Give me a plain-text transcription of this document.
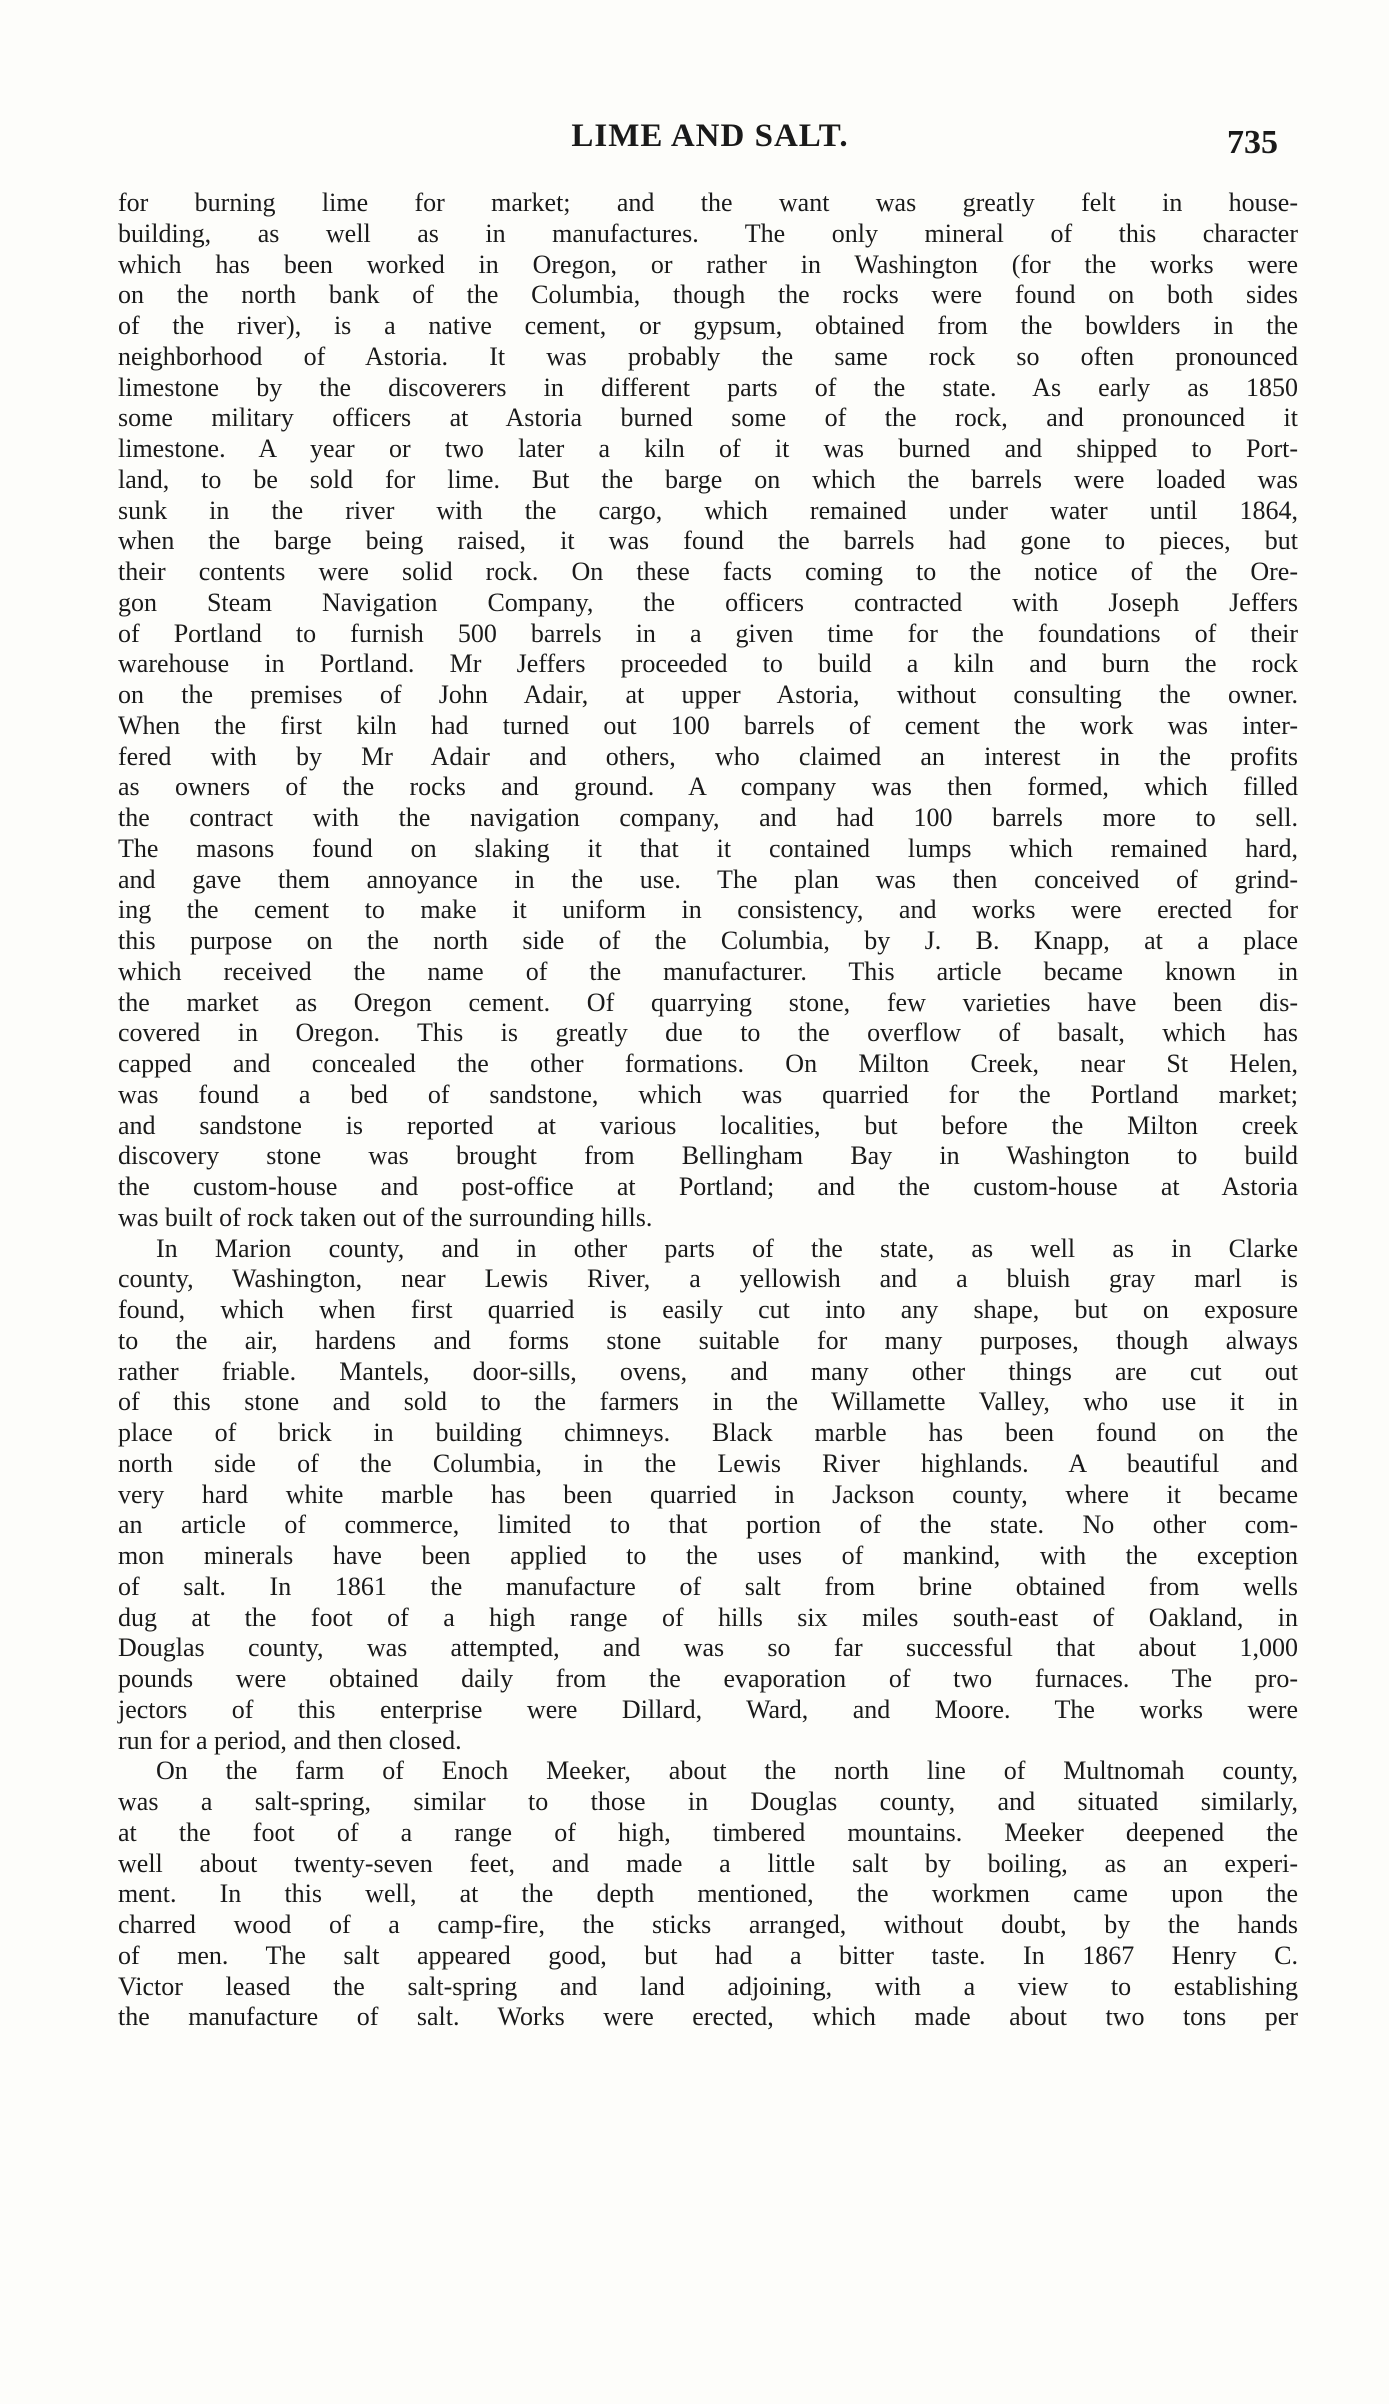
LIME AND SALT.	735
for burning lime for market; and the want was greatly felt in house-
building, as well as in manufactures. The only mineral of this character
which has been worked in Oregon, or rather in Washington (for the works were
on the north bank of the Columbia, though the rocks were found on both sides
of the river), is a native cement, or gypsum, obtained from the bowlders in the
neighborhood of Astoria. It was probably the same rock so often pronounced
limestone by the discoverers in different parts of the state. As early as 1850
some military officers at Astoria burned some of the rock, and pronounced it
limestone. A year or two later a kiln of it was burned and shipped to Port-
land, to be sold for lime. But the barge on which the barrels were loaded was
sunk in the river with the cargo, which remained under water until 1864,
when the barge being raised, it was found the barrels had gone to pieces, but
their contents were solid rock. On these facts coming to the notice of the Ore-
gon Steam Navigation Company, the officers contracted with Joseph Jeffers
of Portland to furnish 500 barrels in a given time for the foundations of their
warehouse in Portland. Mr Jeffers proceeded to build a kiln and burn the rock
on the premises of John Adair, at upper Astoria, without consulting the owner.
When the first kiln had turned out 100 barrels of cement the work was inter-
fered with by Mr Adair and others, who claimed an interest in the profits
as owners of the rocks and ground. A company was then formed, which filled
the contract with the navigation company, and had 100 barrels more to sell.
The masons found on slaking it that it contained lumps which remained hard,
and gave them annoyance in the use. The plan was then conceived of grind-
ing the cement to make it uniform in consistency, and works were erected for
this purpose on the north side of the Columbia, by J. B. Knapp, at a place
which received the name of the manufacturer. This article became known in
the market as Oregon cement. Of quarrying stone, few varieties have been dis-
covered in Oregon. This is greatly due to the overflow of basalt, which has
capped and concealed the other formations. On Milton Creek, near St Helen,
was found a bed of sandstone, which was quarried for the Portland market;
and sandstone is reported at various localities, but before the Milton creek
discovery stone was brought from Bellingham Bay in Washington to build
the custom-house and post-office at Portland; and the custom-house at Astoria
was built of rock taken out of the surrounding hills.
In Marion county, and in other parts of the state, as well as in Clarke
county, Washington, near Lewis River, a yellowish and a bluish gray marl is
found, which when first quarried is easily cut into any shape, but on exposure
to the air, hardens and forms stone suitable for many purposes, though always
rather friable. Mantels, door-sills, ovens, and many other things are cut out
of this stone and sold to the farmers in the Willamette Valley, who use it in
place of brick in building chimneys. Black marble has been found on the
north side of the Columbia, in the Lewis River highlands. A beautiful and
very hard white marble has been quarried in Jackson county, where it became
an article of commerce, limited to that portion of the state. No other com-
mon minerals have been applied to the uses of mankind, with the exception
of salt. In 1861 the manufacture of salt from brine obtained from wells
dug at the foot of a high range of hills six miles south-east of Oakland, in
Douglas county, was attempted, and was so far successful that about 1,000
pounds were obtained daily from the evaporation of two furnaces. The pro-
jectors of this enterprise were Dillard, Ward, and Moore. The works were
run for a period, and then closed.
On the farm of Enoch Meeker, about the north line of Multnomah county,
was a salt-spring, similar to those in Douglas county, and situated similarly,
at the foot of a range of high, timbered mountains. Meeker deepened the
well about twenty-seven feet, and made a little salt by boiling, as an experi-
ment. In this well, at the depth mentioned, the workmen came upon the
charred wood of a camp-fire, the sticks arranged, without doubt, by the hands
of men. The salt appeared good, but had a bitter taste. In 1867 Henry C.
Victor leased the salt-spring and land adjoining, with a view to establishing
the manufacture of salt. Works were erected, which made about two tons per
